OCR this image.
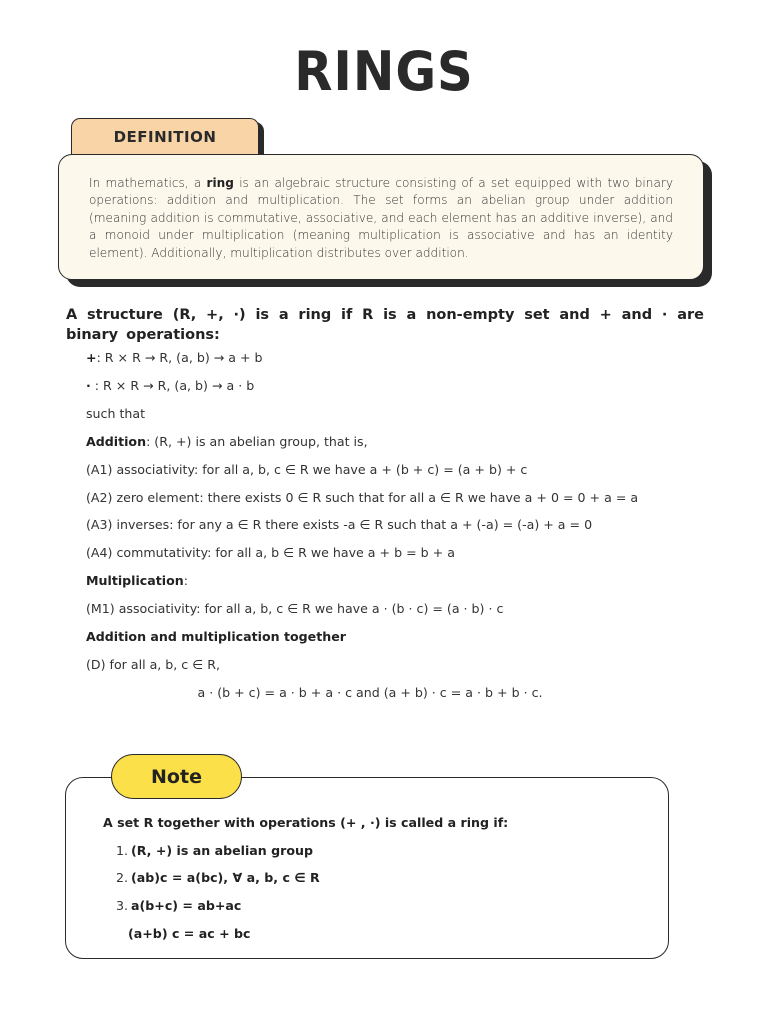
RINGS
DEFINITION

In mathematics, a ring is an algebraic structure consisting of a set equipped with two binary operations: addition and multiplication. The set forms an abelian group under addition (meaning addition is commutative, associative, and each element has an additive inverse), and a monoid under multiplication (meaning multiplication is associative and has an identity element). Additionally, multiplication distributes over addition.

A structure (R, +, ·) is a ring if R is a non-empty set and + and · are binary operations:
+: R × R → R, (a, b) → a + b
· : R × R → R, (a, b) → a · b
such that
Addition: (R, +) is an abelian group, that is,
(A1) associativity: for all a, b, c ∈ R we have a + (b + c) = (a + b) + c
(A2) zero element: there exists 0 ∈ R such that for all a ∈ R we have a + 0 = 0 + a = a
(A3) inverses: for any a ∈ R there exists -a ∈ R such that a + (-a) = (-a) + a = 0
(A4) commutativity: for all a, b ∈ R we have a + b = b + a
Multiplication:
(M1) associativity: for all a, b, c ∈ R we have a · (b · c) = (a · b) · c
Addition and multiplication together
(D) for all a, b, c ∈ R,
a · (b + c) = a · b + a · c and (a + b) · c = a · b + b · c.
Note
A set R together with operations (+ , ·) is called a ring if:
1. (R, +) is an abelian group
2. (ab)c = a(bc), ∀ a, b, c ∈ R
3. a(b+c) = ab+ac
(a+b) c = ac + bc
